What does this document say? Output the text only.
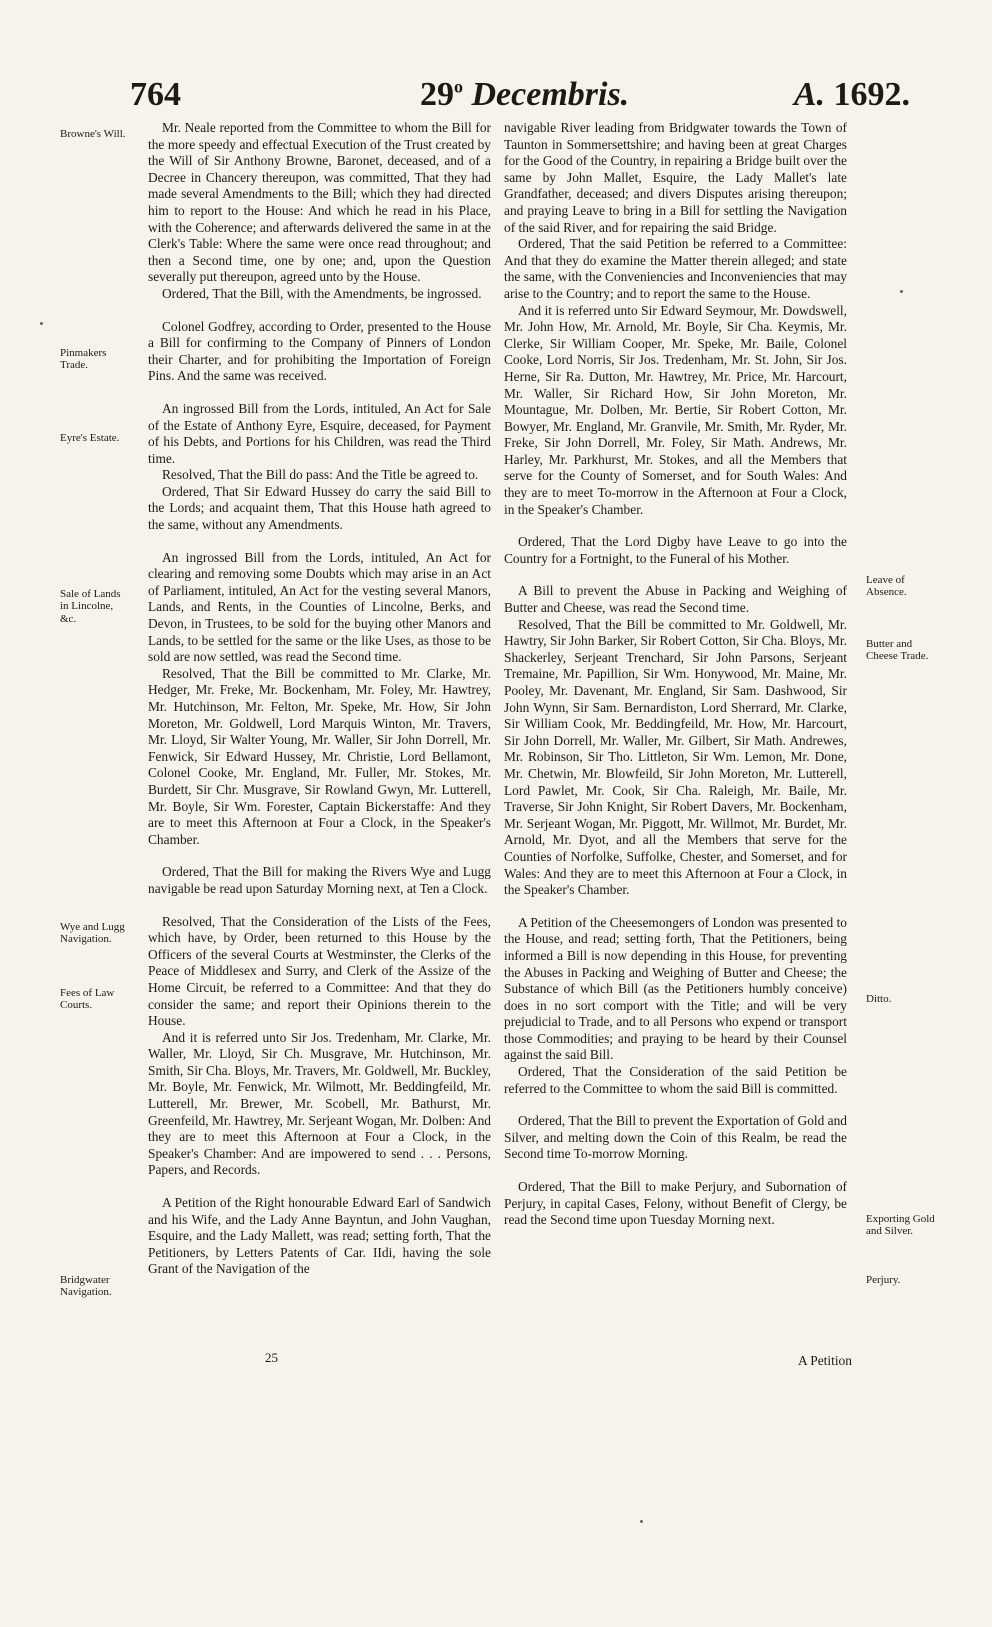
764	29$^o$ Decembris.	A. 1692.
Browne's Will.
Pinmakers Trade.
Eyre's Estate.
Sale of Lands in Lincolne, &c.
Wye and Lugg Navigation.
Fees of Law Courts.
Bridgwater Navigation.
Leave of Absence.
Butter and Cheese Trade.
Ditto.
Exporting Gold and Silver.
Perjury.

Mr. Neale reported from the Committee to whom the Bill for the more speedy and effectual Execution of the Trust created by the Will of Sir Anthony Browne, Baronet, deceased, and of a Decree in Chancery thereupon, was committed, That they had made several Amendments to the Bill; which they had directed him to report to the House: And which he read in his Place, with the Coherence; and afterwards delivered the same in at the Clerk's Table: Where the same were once read throughout; and then a Second time, one by one; and, upon the Question severally put thereupon, agreed unto by the House.

Ordered, That the Bill, with the Amendments, be ingrossed.

Colonel Godfrey, according to Order, presented to the House a Bill for confirming to the Company of Pinners of London their Charter, and for prohibiting the Importation of Foreign Pins. And the same was received.

An ingrossed Bill from the Lords, intituled, An Act for Sale of the Estate of Anthony Eyre, Esquire, deceased, for Payment of his Debts, and Portions for his Children, was read the Third time.

Resolved, That the Bill do pass: And the Title be agreed to.

Ordered, That Sir Edward Hussey do carry the said Bill to the Lords; and acquaint them, That this House hath agreed to the same, without any Amendments.

An ingrossed Bill from the Lords, intituled, An Act for clearing and removing some Doubts which may arise in an Act of Parliament, intituled, An Act for the vesting several Manors, Lands, and Rents, in the Counties of Lincolne, Berks, and Devon, in Trustees, to be sold for the buying other Manors and Lands, to be settled for the same or the like Uses, as those to be sold are now settled, was read the Second time.

Resolved, That the Bill be committed to Mr. Clarke, Mr. Hedger, Mr. Freke, Mr. Bockenham, Mr. Foley, Mr. Hawtrey, Mr. Hutchinson, Mr. Felton, Mr. Speke, Mr. How, Sir John Moreton, Mr. Goldwell, Lord Marquis Winton, Mr. Travers, Mr. Lloyd, Sir Walter Young, Mr. Waller, Sir John Dorrell, Mr. Fenwick, Sir Edward Hussey, Mr. Christie, Lord Bellamont, Colonel Cooke, Mr. England, Mr. Fuller, Mr. Stokes, Mr. Burdett, Sir Chr. Musgrave, Sir Rowland Gwyn, Mr. Lutterell, Mr. Boyle, Sir Wm. Forester, Captain Bickerstaffe: And they are to meet this Afternoon at Four a Clock, in the Speaker's Chamber.

Ordered, That the Bill for making the Rivers Wye and Lugg navigable be read upon Saturday Morning next, at Ten a Clock.

Resolved, That the Consideration of the Lists of the Fees, which have, by Order, been returned to this House by the Officers of the several Courts at Westminster, the Clerks of the Peace of Middlesex and Surry, and Clerk of the Assize of the Home Circuit, be referred to a Committee: And that they do consider the same; and report their Opinions therein to the House.

And it is referred unto Sir Jos. Tredenham, Mr. Clarke, Mr. Waller, Mr. Lloyd, Sir Ch. Musgrave, Mr. Hutchinson, Mr. Smith, Sir Cha. Bloys, Mr. Travers, Mr. Goldwell, Mr. Buckley, Mr. Boyle, Mr. Fenwick, Mr. Wilmott, Mr. Beddingfeild, Mr. Lutterell, Mr. Brewer, Mr. Scobell, Mr. Bathurst, Mr. Greenfeild, Mr. Hawtrey, Mr. Serjeant Wogan, Mr. Dolben: And they are to meet this Afternoon at Four a Clock, in the Speaker's Chamber: And are impowered to send . . . Persons, Papers, and Records.

A Petition of the Right honourable Edward Earl of Sandwich and his Wife, and the Lady Anne Bayntun, and John Vaughan, Esquire, and the Lady Mallett, was read; setting forth, That the Petitioners, by Letters Patents of Car. IIdi, having the sole Grant of the Navigation of the

navigable River leading from Bridgwater towards the Town of Taunton in Sommersettshire; and having been at great Charges for the Good of the Country, in repairing a Bridge built over the same by John Mallet, Esquire, the Lady Mallet's late Grandfather, deceased; and divers Disputes arising thereupon; and praying Leave to bring in a Bill for settling the Navigation of the said River, and for repairing the said Bridge.

Ordered, That the said Petition be referred to a Committee: And that they do examine the Matter therein alleged; and state the same, with the Conveniencies and Inconveniencies that may arise to the Country; and to report the same to the House.

And it is referred unto Sir Edward Seymour, Mr. Dowdswell, Mr. John How, Mr. Arnold, Mr. Boyle, Sir Cha. Keymis, Mr. Clerke, Sir William Cooper, Mr. Speke, Mr. Baile, Colonel Cooke, Lord Norris, Sir Jos. Tredenham, Mr. St. John, Sir Jos. Herne, Sir Ra. Dutton, Mr. Hawtrey, Mr. Price, Mr. Harcourt, Mr. Waller, Sir Richard How, Sir John Moreton, Mr. Mountague, Mr. Dolben, Mr. Bertie, Sir Robert Cotton, Mr. Bowyer, Mr. England, Mr. Granvile, Mr. Smith, Mr. Ryder, Mr. Freke, Sir John Dorrell, Mr. Foley, Sir Math. Andrews, Mr. Harley, Mr. Parkhurst, Mr. Stokes, and all the Members that serve for the County of Somerset, and for South Wales: And they are to meet To-morrow in the Afternoon at Four a Clock, in the Speaker's Chamber.

Ordered, That the Lord Digby have Leave to go into the Country for a Fortnight, to the Funeral of his Mother.

A Bill to prevent the Abuse in Packing and Weighing of Butter and Cheese, was read the Second time.

Resolved, That the Bill be committed to Mr. Goldwell, Mr. Hawtry, Sir John Barker, Sir Robert Cotton, Sir Cha. Bloys, Mr. Shackerley, Serjeant Trenchard, Sir John Parsons, Serjeant Tremaine, Mr. Papillion, Sir Wm. Honywood, Mr. Maine, Mr. Pooley, Mr. Davenant, Mr. England, Sir Sam. Dashwood, Sir John Wynn, Sir Sam. Bernardiston, Lord Sherrard, Mr. Clarke, Sir William Cook, Mr. Beddingfeild, Mr. How, Mr. Harcourt, Sir John Dorrell, Mr. Waller, Mr. Gilbert, Sir Math. Andrewes, Mr. Robinson, Sir Tho. Littleton, Sir Wm. Lemon, Mr. Done, Mr. Chetwin, Mr. Blowfeild, Sir John Moreton, Mr. Lutterell, Lord Pawlet, Mr. Cook, Sir Cha. Raleigh, Mr. Baile, Mr. Traverse, Sir John Knight, Sir Robert Davers, Mr. Bockenham, Mr. Serjeant Wogan, Mr. Piggott, Mr. Willmot, Mr. Burdet, Mr. Arnold, Mr. Dyot, and all the Members that serve for the Counties of Norfolke, Suffolke, Chester, and Somerset, and for Wales: And they are to meet this Afternoon at Four a Clock, in the Speaker's Chamber.

A Petition of the Cheesemongers of London was presented to the House, and read; setting forth, That the Petitioners, being informed a Bill is now depending in this House, for preventing the Abuses in Packing and Weighing of Butter and Cheese; the Substance of which Bill (as the Petitioners humbly conceive) does in no sort comport with the Title; and will be very prejudicial to Trade, and to all Persons who expend or transport those Commodities; and praying to be heard by their Counsel against the said Bill.

Ordered, That the Consideration of the said Petition be referred to the Committee to whom the said Bill is committed.

Ordered, That the Bill to prevent the Exportation of Gold and Silver, and melting down the Coin of this Realm, be read the Second time To-morrow Morning.

Ordered, That the Bill to make Perjury, and Subornation of Perjury, in capital Cases, Felony, without Benefit of Clergy, be read the Second time upon Tuesday Morning next.

25	A Petition
